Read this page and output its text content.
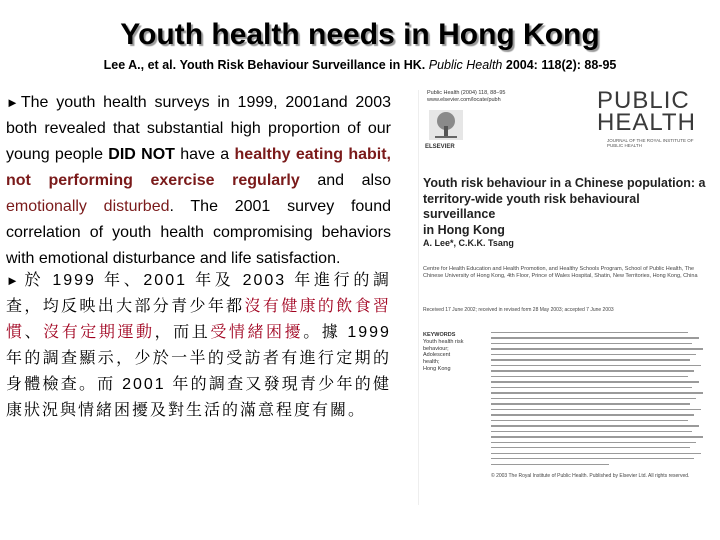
Youth health needs in Hong Kong
Lee A., et al. Youth Risk Behaviour Surveillance in HK. Public Health 2004: 118(2): 88-95
► The youth health surveys in 1999, 2001and 2003 both revealed that substantial high proportion of our young people DID NOT have a healthy eating habit, not performing exercise regularly and also emotionally disturbed. The 2001 survey found correlation of youth health compromising behaviors with emotional disturbance and life satisfaction.
► 於 1999 年、2001 年及 2003 年進行的調查，均反映出大部分青少年都沒有健康的飲食習慣、沒有定期運動，而且受情緒困擾。據 1999 年的調查顯示，少於一半的受訪者有進行定期的身體檢查。而 2001 年的調查又發現青少年的健康狀況與情緒困擾及對生活的滿意程度有關。
Public Health (2004) 118, 88–95
www.elsevier.com/locate/pubh
ELSEVIER
PUBLIC
HEALTH
JOURNAL OF THE ROYAL INSTITUTE OF PUBLIC HEALTH
Youth risk behaviour in a Chinese population: a
territory-wide youth risk behavioural surveillance
in Hong Kong
A. Lee*, C.K.K. Tsang
Centre for Health Education and Health Promotion, and Healthy Schools Program, School of Public Health, The Chinese University of Hong Kong, 4th Floor, Prince of Wales Hospital, Shatin, New Territories, Hong Kong, China
Received 17 June 2002; received in revised form 28 May 2003; accepted 7 June 2003
KEYWORDS
Youth health risk
behaviour;
Adolescent
health;
Hong Kong
© 2003 The Royal Institute of Public Health. Published by Elsevier Ltd. All rights reserved.
